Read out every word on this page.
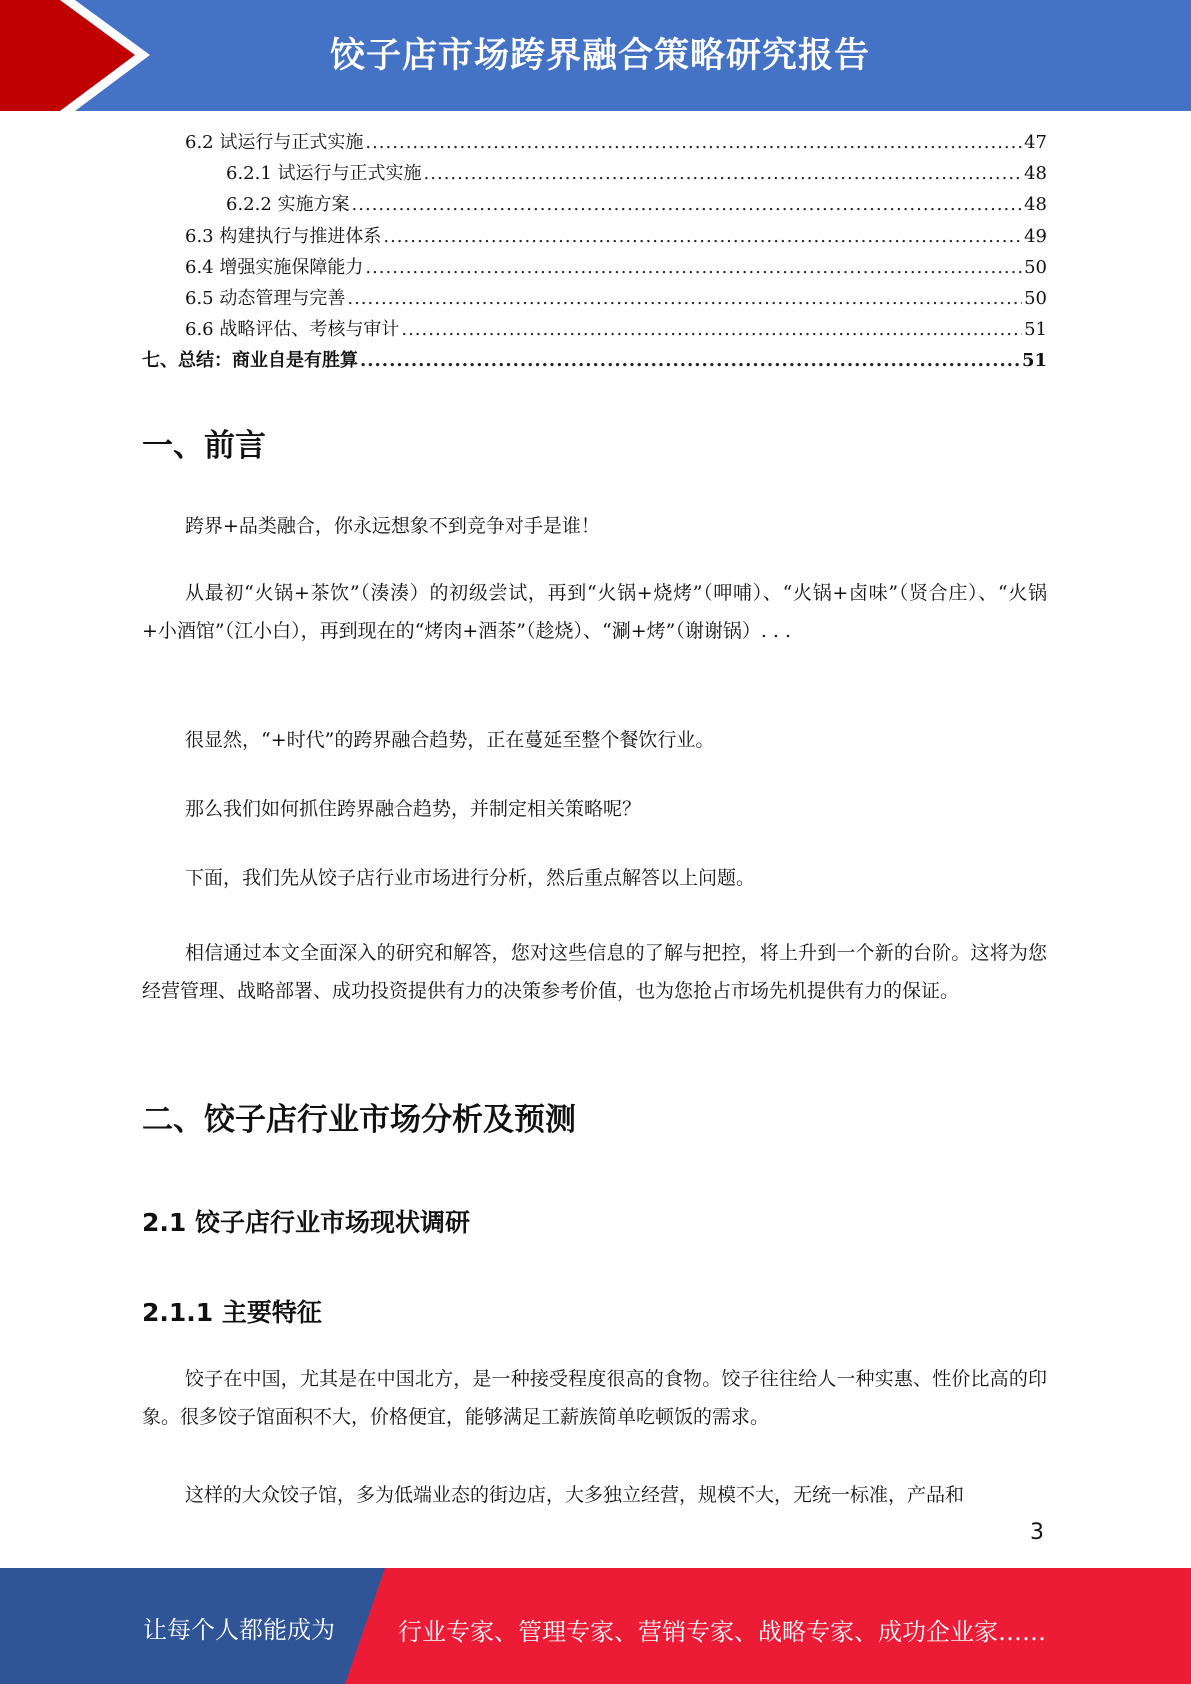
饺子店市场跨界融合策略研究报告
6.2 试运行与正式实施 .....	47
6.2.1 试运行与正式实施 .....	48
6.2.2 实施方案 .....	48
6.3 构建执行与推进体系 .....	49
6.4 增强实施保障能力 .....	50
6.5 动态管理与完善 .....	50
6.6 战略评估、考核与审计 .....	51
七、总结：商业自是有胜算 .....	51
一、前言

跨界+品类融合，你永远想象不到竞争对手是谁！

从最初“火锅+茶饮”（湊湊）的初级尝试，再到“火锅+烧烤”（呷哺）、“火锅+卤味”（贤合庄）、“火锅+小酒馆”（江小白），再到现在的“烤肉+酒茶”（趁烧）、“涮+烤”（谢谢锅）. . .

很显然，“+时代”的跨界融合趋势，正在蔓延至整个餐饮行业。

那么我们如何抓住跨界融合趋势，并制定相关策略呢？

下面，我们先从饺子店行业市场进行分析，然后重点解答以上问题。

相信通过本文全面深入的研究和解答，您对这些信息的了解与把控，将上升到一个新的台阶。这将为您经营管理、战略部署、成功投资提供有力的决策参考价值，也为您抢占市场先机提供有力的保证。

二、饺子店行业市场分析及预测
2.1 饺子店行业市场现状调研
2.1.1 主要特征

饺子在中国，尤其是在中国北方，是一种接受程度很高的食物。饺子往往给人一种实惠、性价比高的印象。很多饺子馆面积不大，价格便宜，能够满足工薪族简单吃顿饭的需求。

这样的大众饺子馆，多为低端业态的街边店，大多独立经营，规模不大，无统一标准，产品和

3
让每个人都能成为	行业专家、管理专家、营销专家、战略专家、成功企业家……
